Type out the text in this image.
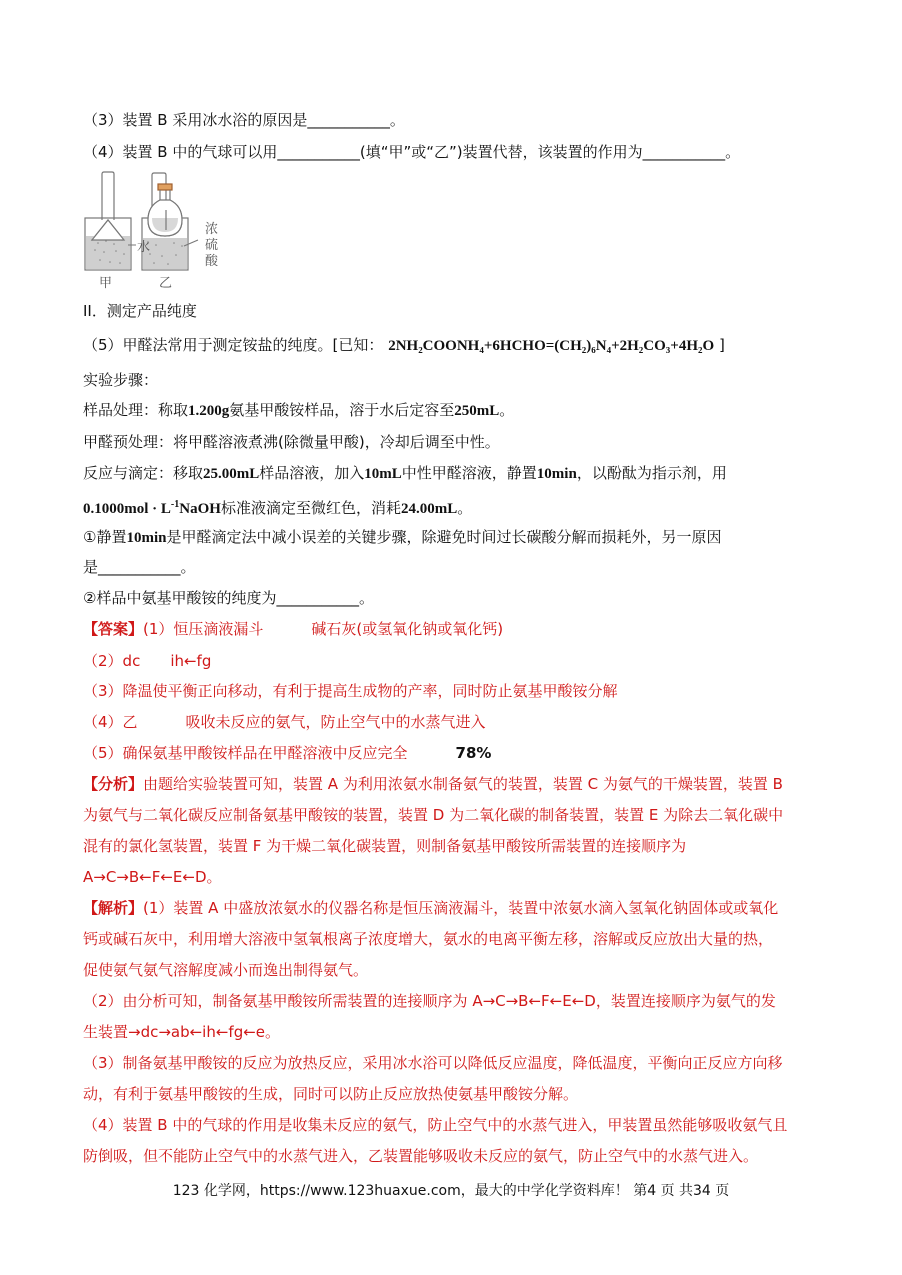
（3）装置 B 采用冰水浴的原因是___________。
（4）装置 B 中的气球可以用___________(填“甲”或“乙”)装置代替，该装置的作用为___________。
水
浓
硫
酸
甲	乙
II．测定产品纯度
（5）甲醛法常用于测定铵盐的纯度。[已知： 2NH₂COONH₄+6HCHO=(CH₂)₆N₄+2H₂CO₃+4H₂O ]
实验步骤：
样品处理：称取1.200g氨基甲酸铵样品，溶于水后定容至250mL。
甲醛预处理：将甲醛溶液煮沸(除微量甲酸)，冷却后调至中性。
反应与滴定：移取25.00mL样品溶液，加入10mL中性甲醛溶液，静置10min，以酚酞为指示剂，用
$0.1000mol \cdot L^{-1}NaOH$标准液滴定至微红色，消耗24.00mL。
①静置10min是甲醛滴定法中减小误差的关键步骤，除避免时间过长碳酸分解而损耗外，另一原因
是___________。
②样品中氨基甲酸铵的纯度为___________。
【答案】(1）恒压滴液漏斗	碱石灰(或氢氧化钠或氧化钙)
（2）dc ih←fg
（3）降温使平衡正向移动，有利于提高生成物的产率，同时防止氨基甲酸铵分解
（4）乙	吸收未反应的氨气，防止空气中的水蒸气进入
（5）确保氨基甲酸铵样品在甲醛溶液中反应完全	78%
【分析】由题给实验装置可知，装置 A 为利用浓氨水制备氨气的装置，装置 C 为氨气的干燥装置，装置 B
为氨气与二氧化碳反应制备氨基甲酸铵的装置，装置 D 为二氧化碳的制备装置，装置 E 为除去二氧化碳中
混有的氯化氢装置，装置 F 为干燥二氧化碳装置，则制备氨基甲酸铵所需装置的连接顺序为
A→C→B←F←E←D。
【解析】(1）装置 A 中盛放浓氨水的仪器名称是恒压滴液漏斗，装置中浓氨水滴入氢氧化钠固体或或氧化
钙或碱石灰中，利用增大溶液中氢氧根离子浓度增大，氨水的电离平衡左移，溶解或反应放出大量的热，
促使氨气氨气溶解度减小而逸出制得氨气。
（2）由分析可知，制备氨基甲酸铵所需装置的连接顺序为 A→C→B←F←E←D，装置连接顺序为氨气的发
生装置→dc→ab←ih←fg←e。
（3）制备氨基甲酸铵的反应为放热反应，采用冰水浴可以降低反应温度，降低温度，平衡向正反应方向移
动，有利于氨基甲酸铵的生成，同时可以防止反应放热使氨基甲酸铵分解。
（4）装置 B 中的气球的作用是收集未反应的氨气，防止空气中的水蒸气进入，甲装置虽然能够吸收氨气且
防倒吸，但不能防止空气中的水蒸气进入，乙装置能够吸收未反应的氨气，防止空气中的水蒸气进入。
123 化学网，https://www.123huaxue.com，最大的中学化学资料库！ 第4 页 共34 页
